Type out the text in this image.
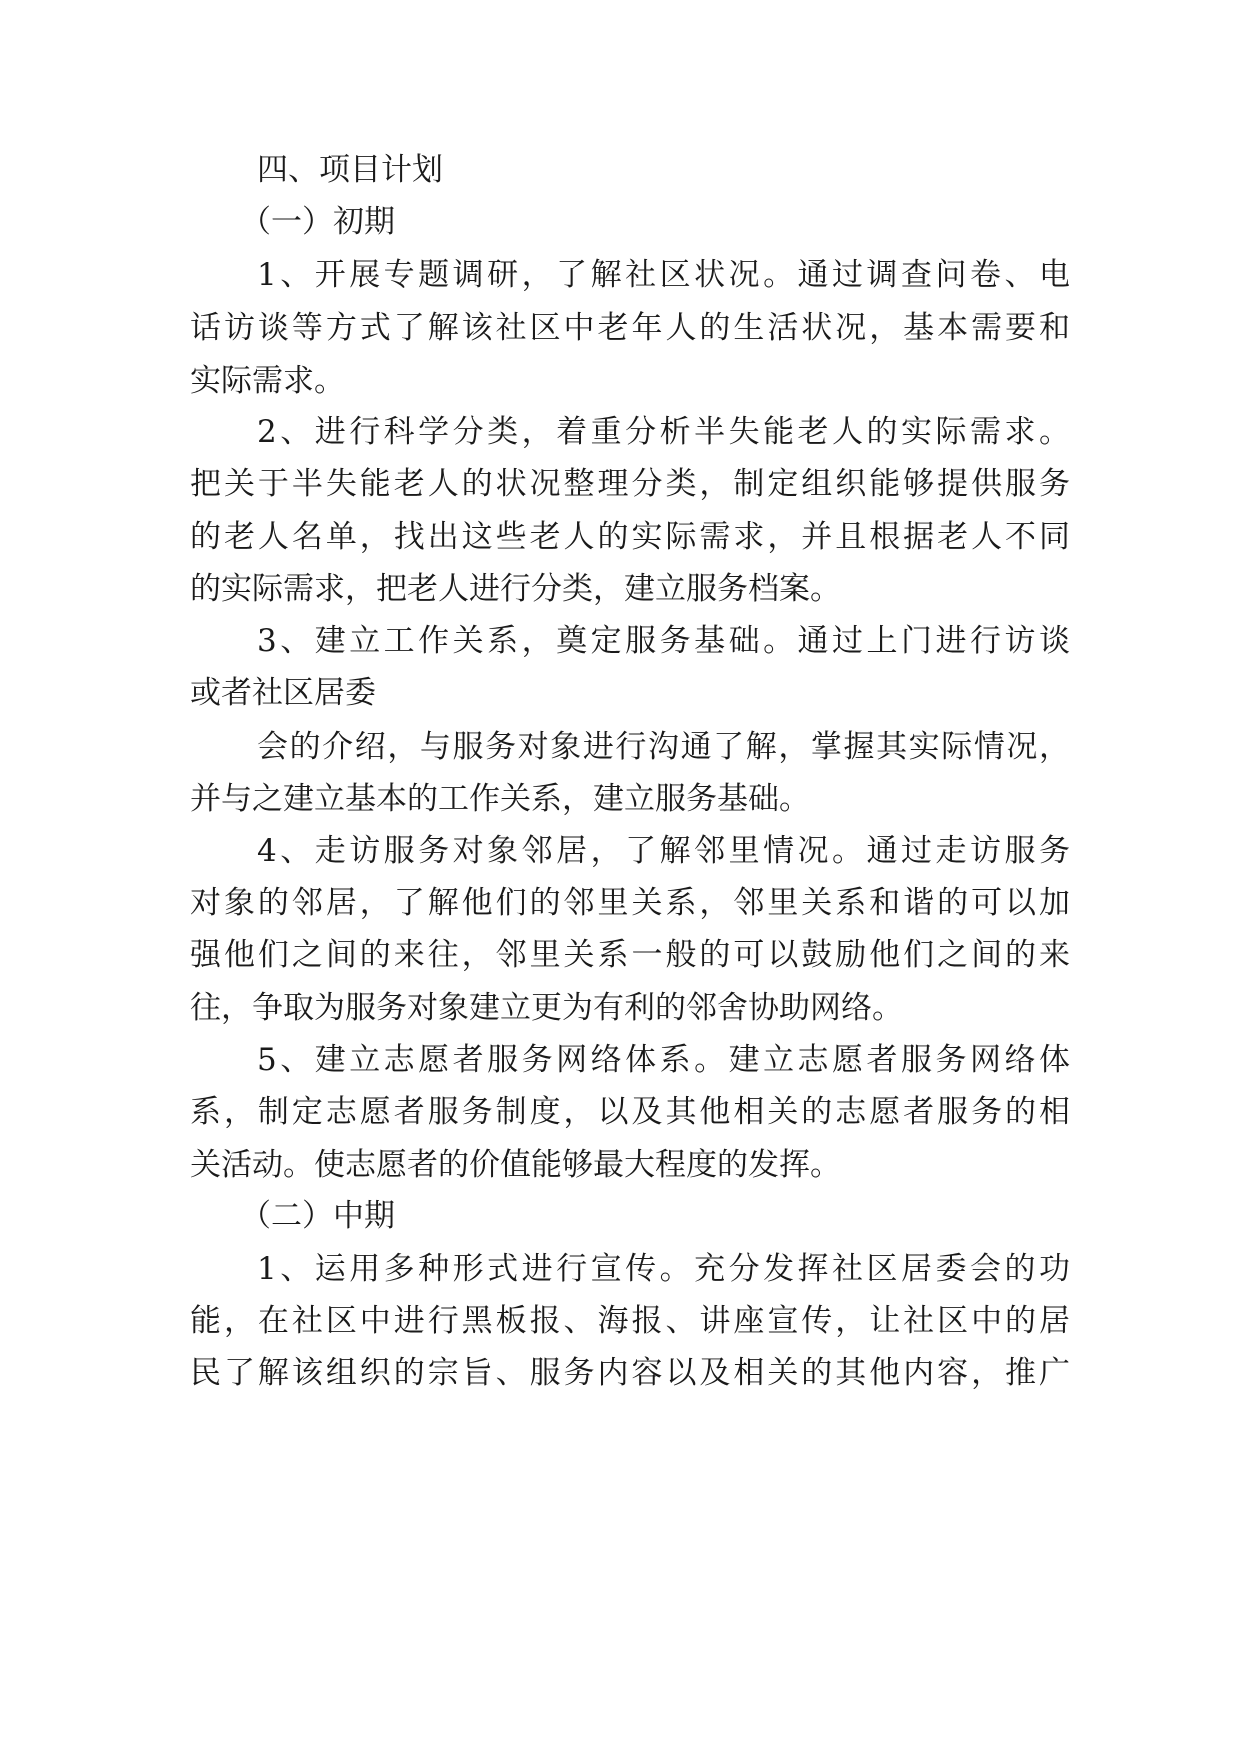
四、项目计划
（一）初期
1、开展专题调研，了解社区状况。通过调查问卷、电
话访谈等方式了解该社区中老年人的生活状况，基本需要和
实际需求。
2、进行科学分类，着重分析半失能老人的实际需求。
把关于半失能老人的状况整理分类，制定组织能够提供服务
的老人名单，找出这些老人的实际需求，并且根据老人不同
的实际需求，把老人进行分类，建立服务档案。
3、建立工作关系，奠定服务基础。通过上门进行访谈
或者社区居委
会的介绍，与服务对象进行沟通了解，掌握其实际情况，
并与之建立基本的工作关系，建立服务基础。
4、走访服务对象邻居，了解邻里情况。通过走访服务
对象的邻居，了解他们的邻里关系，邻里关系和谐的可以加
强他们之间的来往，邻里关系一般的可以鼓励他们之间的来
往，争取为服务对象建立更为有利的邻舍协助网络。
5、建立志愿者服务网络体系。建立志愿者服务网络体
系，制定志愿者服务制度，以及其他相关的志愿者服务的相
关活动。使志愿者的价值能够最大程度的发挥。
（二）中期
1、运用多种形式进行宣传。充分发挥社区居委会的功
能，在社区中进行黑板报、海报、讲座宣传，让社区中的居
民了解该组织的宗旨、服务内容以及相关的其他内容，推广
